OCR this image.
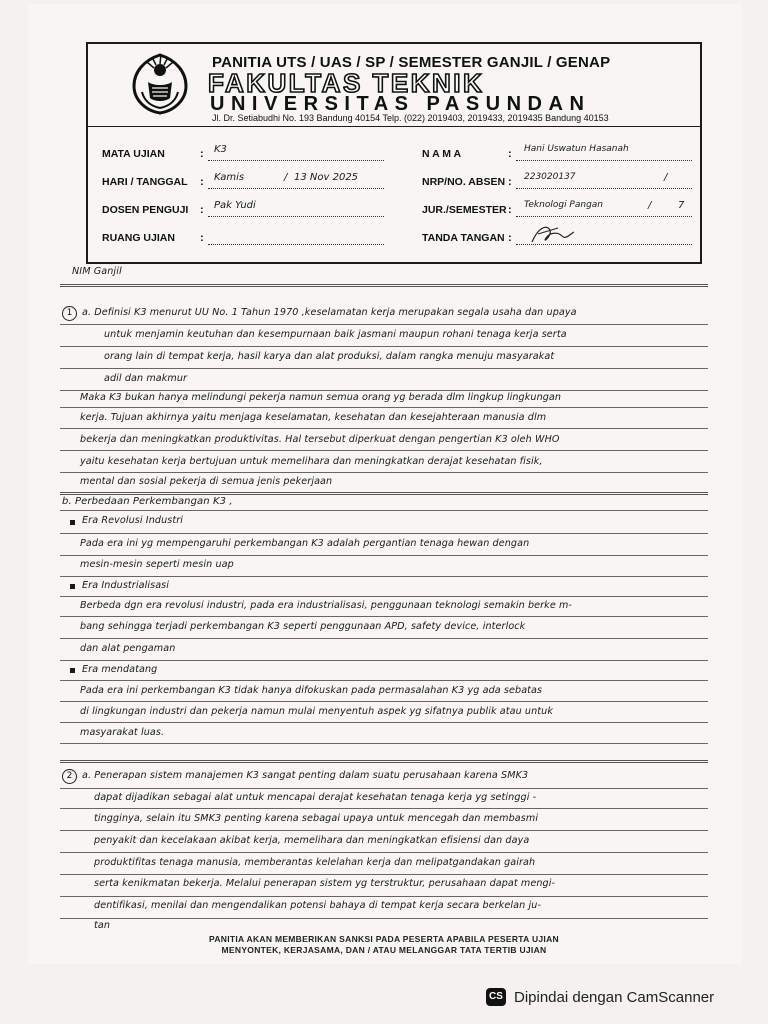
PANITIA UTS / UAS / SP / SEMESTER GANJIL / GENAP
FAKULTAS TEKNIK
UNIVERSITAS PASUNDAN
Jl. Dr. Setiabudhi No. 193 Bandung 40154 Telp. (022) 2019403, 2019433, 2019435 Bandung 40153
MATA UJIAN	: K3
HARI / TANGGAL : Kamis	/ 13 Nov 2025
DOSEN PENGUJI : Pak Yudi
RUANG UJIAN :
N A M A	: Hani Uswatun Hasanah
NRP/NO. ABSEN : 223020137	/
JUR./SEMESTER : Teknologi Pangan	/	7
TANDA TANGAN :
NIM Ganjil
1	a. Definisi K3 menurut UU No. 1 Tahun 1970 ,keselamatan kerja merupakan segala usaha dan upaya
untuk menjamin keutuhan dan kesempurnaan baik jasmani maupun rohani tenaga kerja serta
orang lain di tempat kerja, hasil karya dan alat produksi, dalam rangka menuju masyarakat
adil dan makmur
Maka K3 bukan hanya melindungi pekerja namun semua orang yg berada dlm lingkup lingkungan
kerja. Tujuan akhirnya yaitu menjaga keselamatan, kesehatan dan kesejahteraan manusia dlm
bekerja dan meningkatkan produktivitas. Hal tersebut diperkuat dengan pengertian K3 oleh WHO
yaitu kesehatan kerja bertujuan untuk memelihara dan meningkatkan derajat kesehatan fisik,
mental dan sosial pekerja di semua jenis pekerjaan
b. Perbedaan Perkembangan K3 ,
Era Revolusi Industri
Pada era ini yg mempengaruhi perkembangan K3 adalah pergantian tenaga hewan dengan
mesin-mesin seperti mesin uap
Era Industrialisasi
Berbeda dgn era revolusi industri, pada era industrialisasi, penggunaan teknologi semakin berke m-
bang sehingga terjadi perkembangan K3 seperti penggunaan APD, safety device, interlock
dan alat pengaman
Era mendatang
Pada era ini perkembangan K3 tidak hanya difokuskan pada permasalahan K3 yg ada sebatas
di lingkungan industri dan pekerja namun mulai menyentuh aspek yg sifatnya publik atau untuk
masyarakat luas.
2	a. Penerapan sistem manajemen K3 sangat penting dalam suatu perusahaan karena SMK3
dapat dijadikan sebagai alat untuk mencapai derajat kesehatan tenaga kerja yg setinggi -
tingginya, selain itu SMK3 penting karena sebagai upaya untuk mencegah dan membasmi
penyakit dan kecelakaan akibat kerja, memelihara dan meningkatkan efisiensi dan daya
produktifitas tenaga manusia, memberantas kelelahan kerja dan melipatgandakan gairah
serta kenikmatan bekerja. Melalui penerapan sistem yg terstruktur, perusahaan dapat mengi-
dentifikasi, menilai dan mengendalikan potensi bahaya di tempat kerja secara berkelan ju-
tan
PANITIA AKAN MEMBERIKAN SANKSI PADA PESERTA APABILA PESERTA UJIAN
MENYONTEK, KERJASAMA, DAN / ATAU MELANGGAR TATA TERTIB UJIAN
CS Dipindai dengan CamScanner
